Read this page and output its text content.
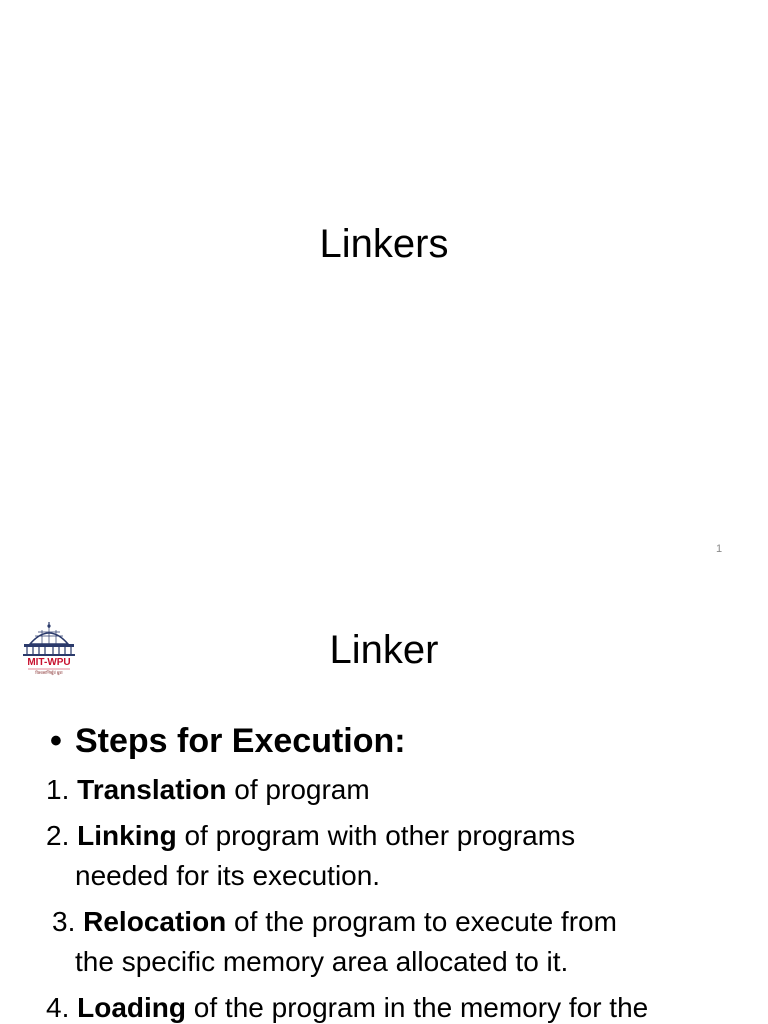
Linkers
1
MIT-WPU
विश्वशान्तिर्ध्रुवं ध्रुवा
Linker
• Steps for Execution:
1. Translation of program
2. Linking of program with other programs
needed for its execution.
3. Relocation of the program to execute from
the specific memory area allocated to it.
4. Loading of the program in the memory for the
